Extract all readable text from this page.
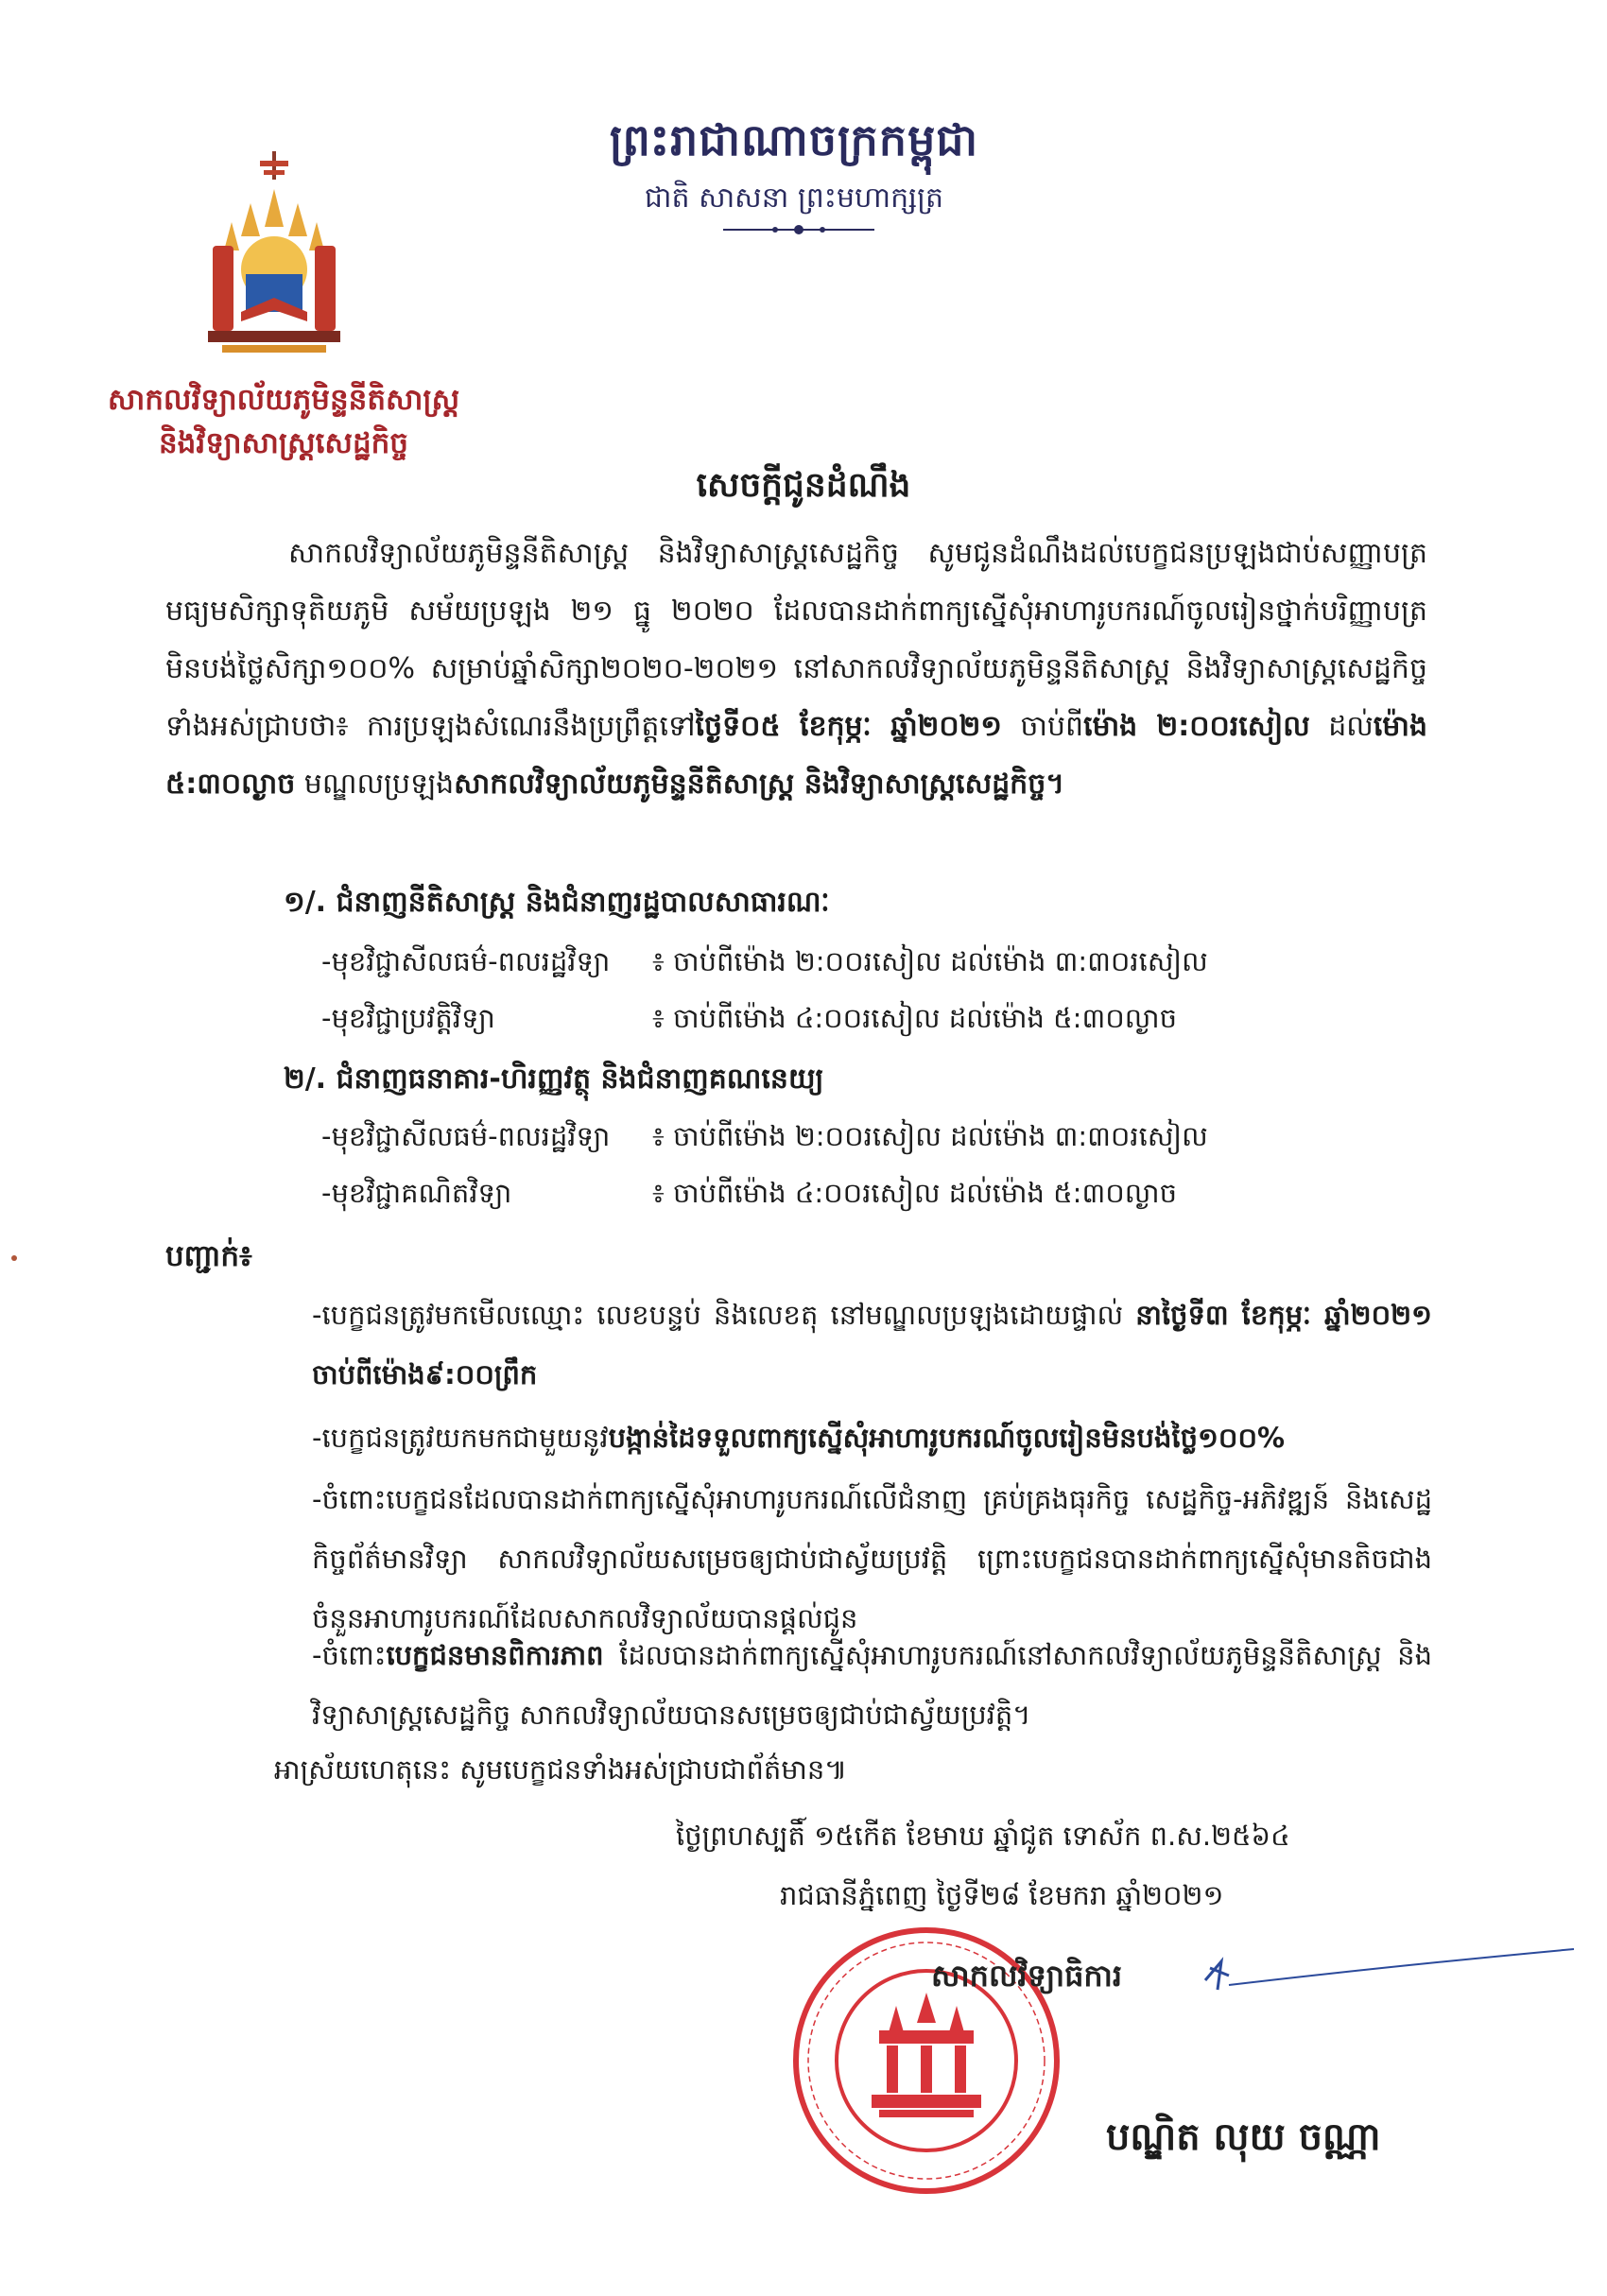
ព្រះរាជាណាចក្រកម្ពុជា
ជាតិ សាសនា ព្រះមហាក្សត្រ
សាកលវិទ្យាល័យភូមិន្ទនីតិសាស្ត្រ
និងវិទ្យាសាស្ត្រសេដ្ឋកិច្ច
សេចក្តីជូនដំណឹង
សាកលវិទ្យាល័យភូមិន្ទនីតិសាស្ត្រ និងវិទ្យាសាស្ត្រសេដ្ឋកិច្ច សូមជូនដំណឹងដល់បេក្ខជនប្រឡងជាប់សញ្ញាបត្រមធ្យមសិក្សាទុតិយភូមិ សម័យប្រឡង ២១ ធ្នូ ២០២០ ដែលបានដាក់ពាក្យស្នើសុំអាហារូបករណ៍ចូលរៀនថ្នាក់បរិញ្ញាបត្រមិនបង់ថ្លៃសិក្សា១០០% សម្រាប់ឆ្នាំសិក្សា២០២០-២០២១ នៅសាកលវិទ្យាល័យភូមិន្ទនីតិសាស្ត្រ និងវិទ្យាសាស្ត្រសេដ្ឋកិច្ចទាំងអស់ជ្រាបថា៖ ការប្រឡងសំណេរនឹងប្រព្រឹត្តទៅថ្ងៃទី០៥ ខែកុម្ភៈ ឆ្នាំ២០២១ ចាប់ពីម៉ោង ២:០០រសៀល ដល់ម៉ោង ៥:៣០ល្ងាច មណ្ឌលប្រឡងសាកលវិទ្យាល័យភូមិន្ទនីតិសាស្ត្រ និងវិទ្យាសាស្ត្រសេដ្ឋកិច្ច។
១/. ជំនាញនីតិសាស្ត្រ និងជំនាញរដ្ឋបាលសាធារណៈ
-មុខវិជ្ជាសីលធម៌-ពលរដ្ឋវិទ្យា ៖ ចាប់ពីម៉ោង ២:០០រសៀល ដល់ម៉ោង ៣:៣០រសៀល
-មុខវិជ្ជាប្រវត្តិវិទ្យា	៖ ចាប់ពីម៉ោង ៤:០០រសៀល ដល់ម៉ោង ៥:៣០ល្ងាច
២/. ជំនាញធនាគារ-ហិរញ្ញវត្ថុ និងជំនាញគណនេយ្យ
-មុខវិជ្ជាសីលធម៌-ពលរដ្ឋវិទ្យា ៖ ចាប់ពីម៉ោង ២:០០រសៀល ដល់ម៉ោង ៣:៣០រសៀល
-មុខវិជ្ជាគណិតវិទ្យា	៖ ចាប់ពីម៉ោង ៤:០០រសៀល ដល់ម៉ោង ៥:៣០ល្ងាច
បញ្ជាក់៖
-បេក្ខជនត្រូវមកមើលឈ្មោះ លេខបន្ទប់ និងលេខតុ នៅមណ្ឌលប្រឡងដោយផ្ទាល់ នាថ្ងៃទី៣ ខែកុម្ភៈ ឆ្នាំ២០២១ ចាប់ពីម៉ោង៩:០០ព្រឹក
-បេក្ខជនត្រូវយកមកជាមួយនូវបង្កាន់ដៃទទួលពាក្យស្នើសុំអាហារូបករណ៍ចូលរៀនមិនបង់ថ្លៃ១០០%
-ចំពោះបេក្ខជនដែលបានដាក់ពាក្យស្នើសុំអាហារូបករណ៍លើជំនាញ គ្រប់គ្រងធុរកិច្ច សេដ្ឋកិច្ច-អភិវឌ្ឍន៍ និងសេដ្ឋកិច្ចព័ត៌មានវិទ្យា សាកលវិទ្យាល័យសម្រេចឲ្យជាប់ជាស្វ័យប្រវត្តិ ព្រោះបេក្ខជនបានដាក់ពាក្យស្នើសុំមានតិចជាងចំនួនអាហារូបករណ៍ដែលសាកលវិទ្យាល័យបានផ្តល់ជូន
-ចំពោះបេក្ខជនមានពិការភាព ដែលបានដាក់ពាក្យស្នើសុំអាហារូបករណ៍នៅសាកលវិទ្យាល័យភូមិន្ទនីតិសាស្ត្រ និងវិទ្យាសាស្ត្រសេដ្ឋកិច្ច សាកលវិទ្យាល័យបានសម្រេចឲ្យជាប់ជាស្វ័យប្រវត្តិ។
អាស្រ័យហេតុនេះ សូមបេក្ខជនទាំងអស់ជ្រាបជាព័ត៌មាន៕
ថ្ងៃព្រហស្បតិ៍ ១៥កើត ខែមាឃ ឆ្នាំជូត ទោស័ក ព.ស.២៥៦៤
រាជធានីភ្នំពេញ ថ្ងៃទី២៨ ខែមករា ឆ្នាំ២០២១
សាកលវិទ្យាធិការ
បណ្ឌិត លុយ ចណ្ណា
